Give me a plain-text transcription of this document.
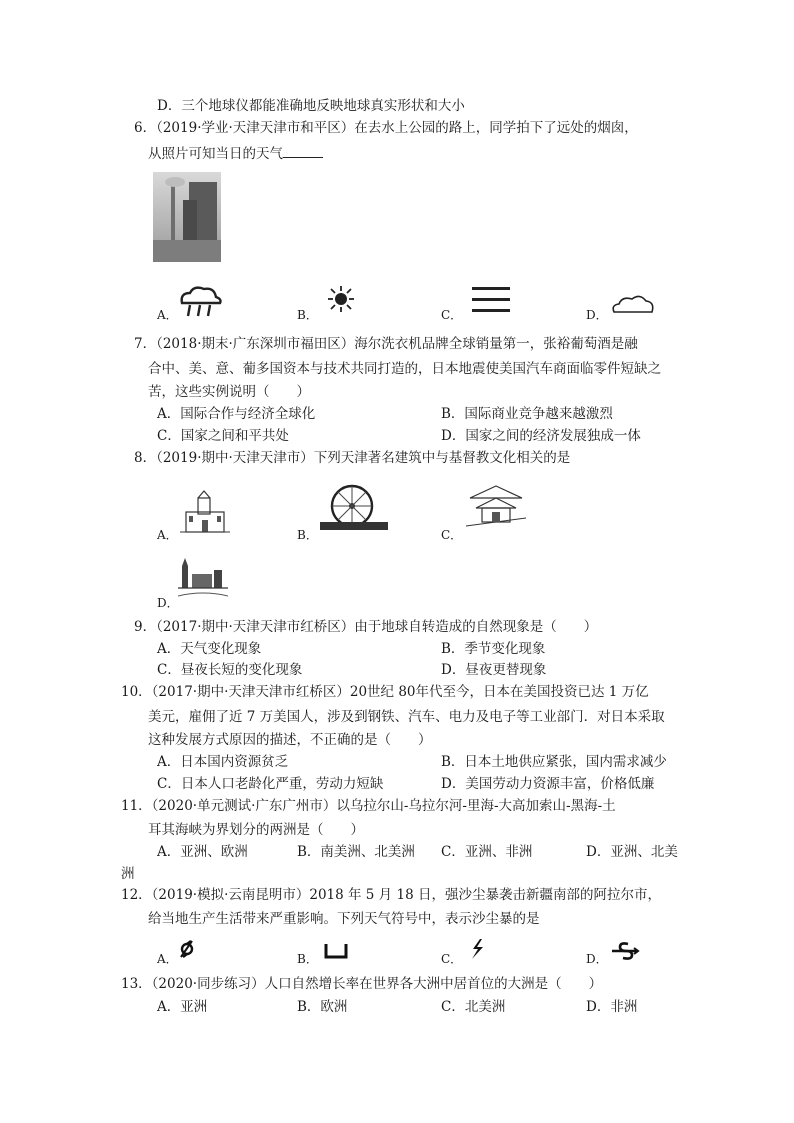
D．三个地球仪都能准确地反映地球真实形状和大小
6．（2019·学业·天津天津市和平区）在去水上公园的路上，同学拍下了远处的烟囱，
从照片可知当日的天气
A．	B．	C．	D．
7．（2018·期末·广东深圳市福田区）海尔洗衣机品牌全球销量第一，张裕葡萄酒是融
合中、美、意、葡多国资本与技术共同打造的，日本地震使美国汽车商面临零件短缺之
苦，这些实例说明（　　）
A．国际合作与经济全球化	B．国际商业竞争越来越激烈
C．国家之间和平共处	D．国家之间的经济发展独成一体
8．（2019·期中·天津天津市）下列天津著名建筑中与基督教文化相关的是
A．	B．	C．
D．
9．（2017·期中·天津天津市红桥区）由于地球自转造成的自然现象是（　　）
A．天气变化现象	B．季节变化现象
C．昼夜长短的变化现象	D．昼夜更替现象
10．（2017·期中·天津天津市红桥区）20世纪 80年代至今，日本在美国投资已达 1 万亿
美元，雇佣了近 7 万美国人，涉及到钢铁、汽车、电力及电子等工业部门．对日本采取
这种发展方式原因的描述，不正确的是（　　）
A．日本国内资源贫乏	B．日本土地供应紧张，国内需求减少
C．日本人口老龄化严重，劳动力短缺	D．美国劳动力资源丰富，价格低廉
11．（2020·单元测试·广东广州市）以乌拉尔山-乌拉尔河-里海-大高加索山-黑海-土
耳其海峡为界划分的两洲是（　　）
A．亚洲、欧洲	B．南美洲、北美洲 C．亚洲、非洲	D．亚洲、北美
洲
12．（2019·模拟·云南昆明市）2018 年 5 月 18 日，强沙尘暴袭击新疆南部的阿拉尔市，
给当地生产生活带来严重影响。下列天气符号中，表示沙尘暴的是
A．	B．	C．	D．
13．（2020·同步练习）人口自然增长率在世界各大洲中居首位的大洲是（　　）
A．亚洲	B．欧洲	C．北美洲	D．非洲
